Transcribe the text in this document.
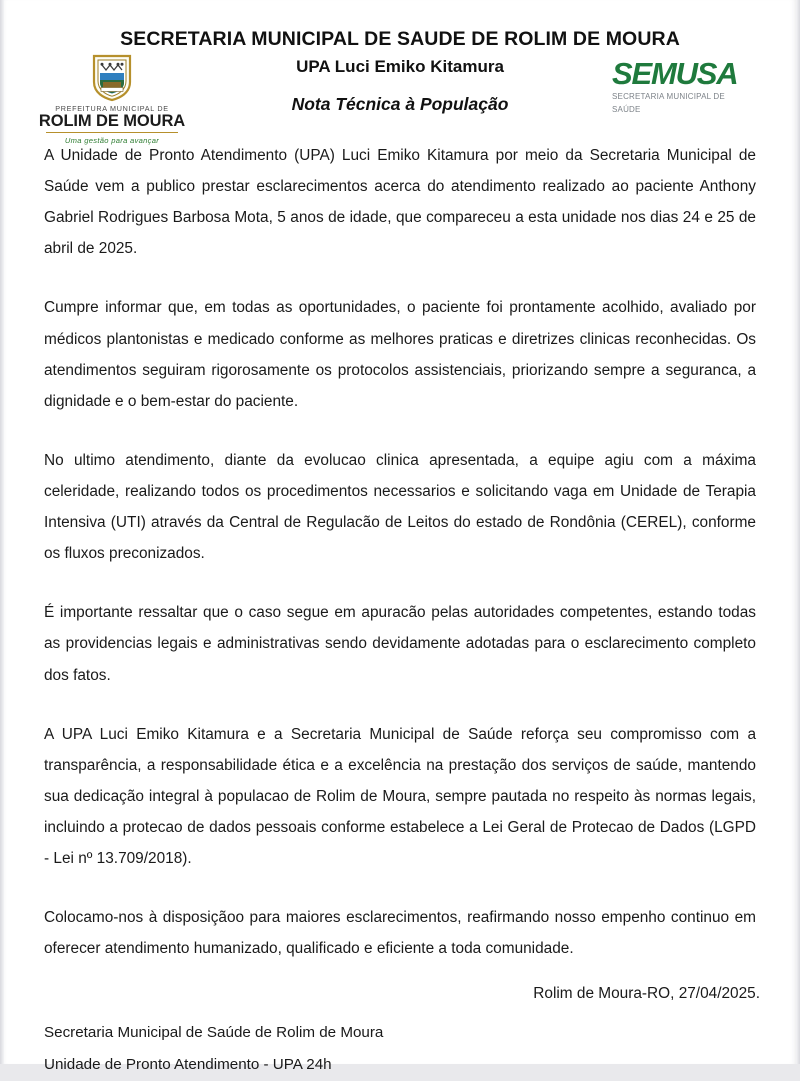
PREFEITURA MUNICIPAL DE
ROLIM DE MOURA
Uma gestão para avançar
SECRETARIA MUNICIPAL DE SAUDE DE ROLIM DE MOURA
UPA Luci Emiko Kitamura
Nota Técnica à População
SEMUSA
SECRETARIA MUNICIPAL DE
SAÚDE

A Unidade de Pronto Atendimento (UPA) Luci Emiko Kitamura por meio da Secretaria Municipal de Saúde vem a publico prestar esclarecimentos acerca do atendimento realizado ao paciente Anthony Gabriel Rodrigues Barbosa Mota, 5 anos de idade, que compareceu a esta unidade nos dias 24 e 25 de abril de 2025.

Cumpre informar que, em todas as oportunidades, o paciente foi prontamente acolhido, avaliado por médicos plantonistas e medicado conforme as melhores praticas e diretrizes clinicas reconhecidas. Os atendimentos seguiram rigorosamente os protocolos assistenciais, priorizando sempre a seguranca, a dignidade e o bem-estar do paciente.

No ultimo atendimento, diante da evolucao clinica apresentada, a equipe agiu com a máxima celeridade, realizando todos os procedimentos necessarios e solicitando vaga em Unidade de Terapia Intensiva (UTI) através da Central de Regulacão de Leitos do estado de Rondônia (CEREL), conforme os fluxos preconizados.

É importante ressaltar que o caso segue em apuracão pelas autoridades competentes, estando todas as providencias legais e administrativas sendo devidamente adotadas para o esclarecimento completo dos fatos.

A UPA Luci Emiko Kitamura e a Secretaria Municipal de Saúde reforça seu compromisso com a transparência, a responsabilidade ética e a excelência na prestação dos serviços de saúde, mantendo sua dedicação integral à populacao de Rolim de Moura, sempre pautada no respeito às normas legais, incluindo a protecao de dados pessoais conforme estabelece a Lei Geral de Protecao de Dados (LGPD - Lei nº 13.709/2018).

Colocamo-nos à disposiçãoo para maiores esclarecimentos, reafirmando nosso empenho continuo em oferecer atendimento humanizado, qualificado e eficiente a toda comunidade.

Rolim de Moura-RO, 27/04/2025.
Secretaria Municipal de Saúde de Rolim de Moura
Unidade de Pronto Atendimento - UPA 24h
